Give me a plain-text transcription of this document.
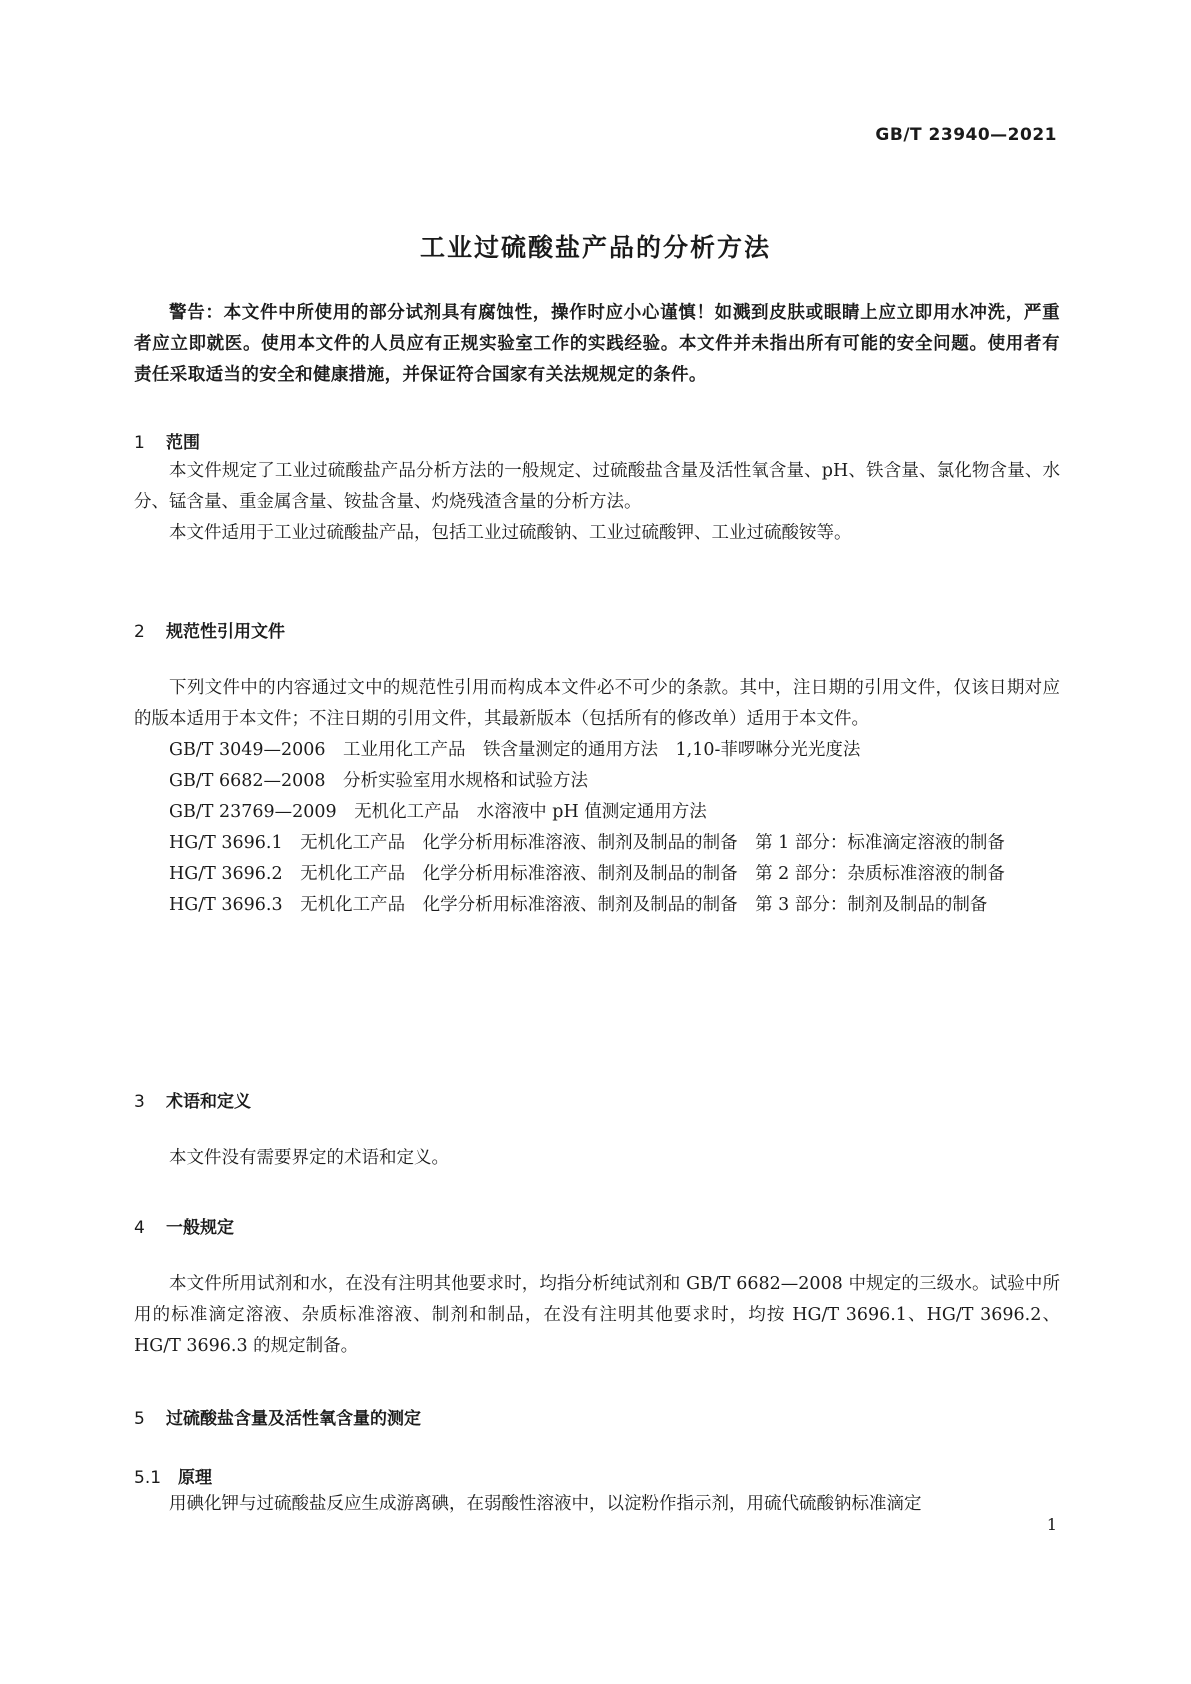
GB/T 23940—2021
工业过硫酸盐产品的分析方法

警告：本文件中所使用的部分试剂具有腐蚀性，操作时应小心谨慎！如溅到皮肤或眼睛上应立即用水冲洗，严重者应立即就医。使用本文件的人员应有正规实验室工作的实践经验。本文件并未指出所有可能的安全问题。使用者有责任采取适当的安全和健康措施，并保证符合国家有关法规规定的条件。

1 范围

本文件规定了工业过硫酸盐产品分析方法的一般规定、过硫酸盐含量及活性氧含量、pH、铁含量、氯化物含量、水分、锰含量、重金属含量、铵盐含量、灼烧残渣含量的分析方法。

本文件适用于工业过硫酸盐产品，包括工业过硫酸钠、工业过硫酸钾、工业过硫酸铵等。

2 规范性引用文件

下列文件中的内容通过文中的规范性引用而构成本文件必不可少的条款。其中，注日期的引用文件，仅该日期对应的版本适用于本文件；不注日期的引用文件，其最新版本（包括所有的修改单）适用于本文件。

GB/T 3049—2006　工业用化工产品　铁含量测定的通用方法　1,10-菲啰啉分光光度法

GB/T 6682—2008　分析实验室用水规格和试验方法

GB/T 23769—2009　无机化工产品　水溶液中 pH 值测定通用方法

HG/T 3696.1　无机化工产品　化学分析用标准溶液、制剂及制品的制备　第 1 部分：标准滴定溶液的制备

HG/T 3696.2　无机化工产品　化学分析用标准溶液、制剂及制品的制备　第 2 部分：杂质标准溶液的制备

HG/T 3696.3　无机化工产品　化学分析用标准溶液、制剂及制品的制备　第 3 部分：制剂及制品的制备

3 术语和定义

本文件没有需要界定的术语和定义。

4 一般规定

本文件所用试剂和水，在没有注明其他要求时，均指分析纯试剂和 GB/T 6682—2008 中规定的三级水。试验中所用的标准滴定溶液、杂质标准溶液、制剂和制品，在没有注明其他要求时，均按 HG/T 3696.1、HG/T 3696.2、HG/T 3696.3 的规定制备。

5 过硫酸盐含量及活性氧含量的测定
5.1 原理

用碘化钾与过硫酸盐反应生成游离碘，在弱酸性溶液中，以淀粉作指示剂，用硫代硫酸钠标准滴定

1
